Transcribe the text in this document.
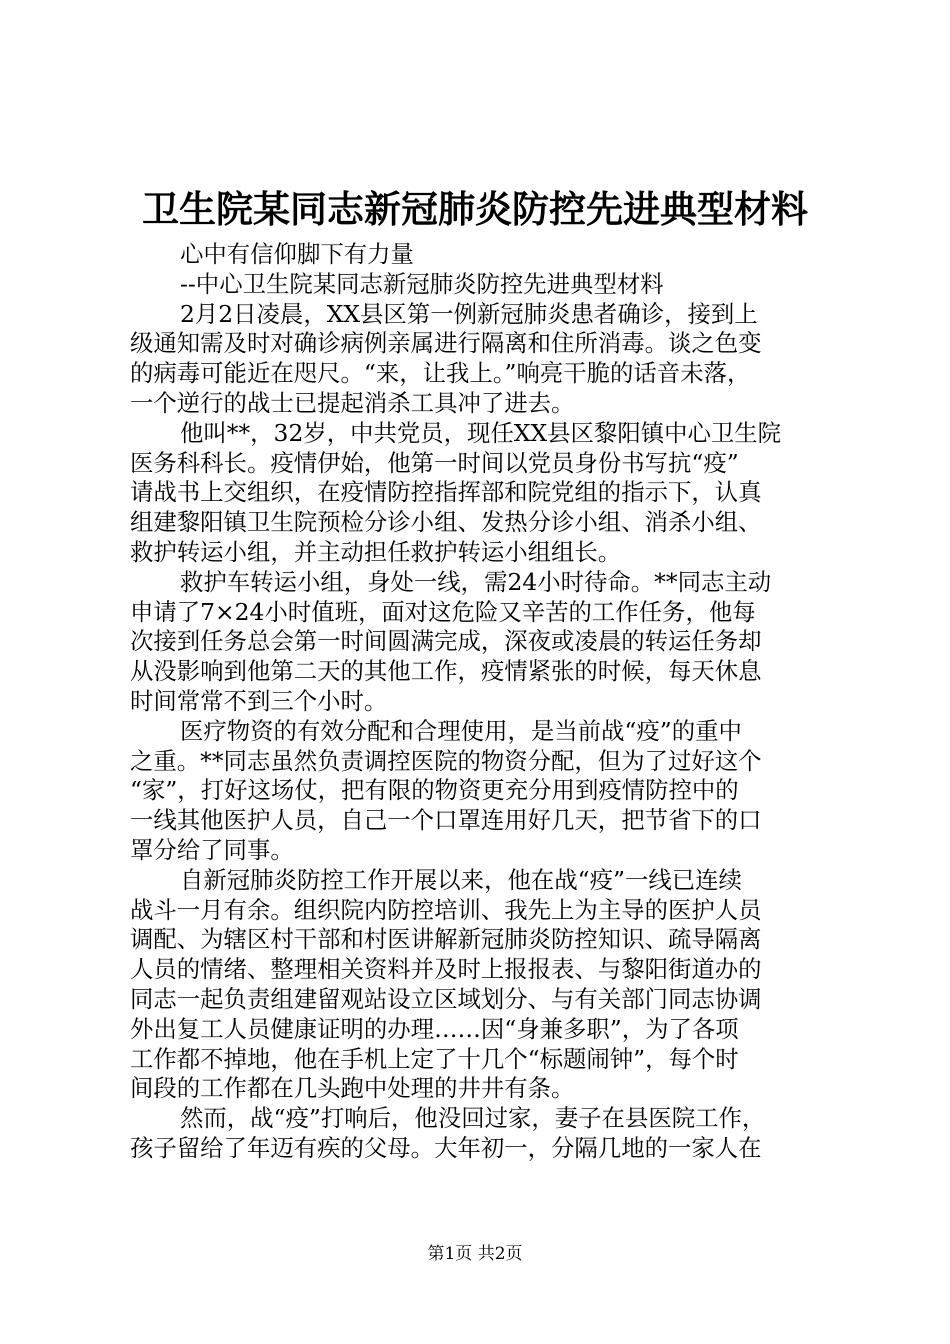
卫生院某同志新冠肺炎防控先进典型材料

心中有信仰脚下有力量

--中心卫生院某同志新冠肺炎防控先进典型材料

2月2日凌晨，XX县区第一例新冠肺炎患者确诊，接到上

级通知需及时对确诊病例亲属进行隔离和住所消毒。谈之色变

的病毒可能近在咫尺。“来，让我上。”响亮干脆的话音未落，

一个逆行的战士已提起消杀工具冲了进去。

他叫**，32岁，中共党员，现任XX县区黎阳镇中心卫生院

医务科科长。疫情伊始，他第一时间以党员身份书写抗“疫”

请战书上交组织，在疫情防控指挥部和院党组的指示下，认真

组建黎阳镇卫生院预检分诊小组、发热分诊小组、消杀小组、

救护转运小组，并主动担任救护转运小组组长。

救护车转运小组，身处一线，需24小时待命。**同志主动

申请了7×24小时值班，面对这危险又辛苦的工作任务，他每

次接到任务总会第一时间圆满完成，深夜或凌晨的转运任务却

从没影响到他第二天的其他工作，疫情紧张的时候，每天休息

时间常常不到三个小时。

医疗物资的有效分配和合理使用，是当前战“疫”的重中

之重。**同志虽然负责调控医院的物资分配，但为了过好这个

“家”，打好这场仗，把有限的物资更充分用到疫情防控中的

一线其他医护人员，自己一个口罩连用好几天，把节省下的口

罩分给了同事。

自新冠肺炎防控工作开展以来，他在战“疫”一线已连续

战斗一月有余。组织院内防控培训、我先上为主导的医护人员

调配、为辖区村干部和村医讲解新冠肺炎防控知识、疏导隔离

人员的情绪、整理相关资料并及时上报报表、与黎阳街道办的

同志一起负责组建留观站设立区域划分、与有关部门同志协调

外出复工人员健康证明的办理……因“身兼多职”，为了各项

工作都不掉地，他在手机上定了十几个“标题闹钟”，每个时

间段的工作都在几头跑中处理的井井有条。

然而，战“疫”打响后，他没回过家，妻子在县医院工作，

孩子留给了年迈有疾的父母。大年初一，分隔几地的一家人在

第1页 共2页
